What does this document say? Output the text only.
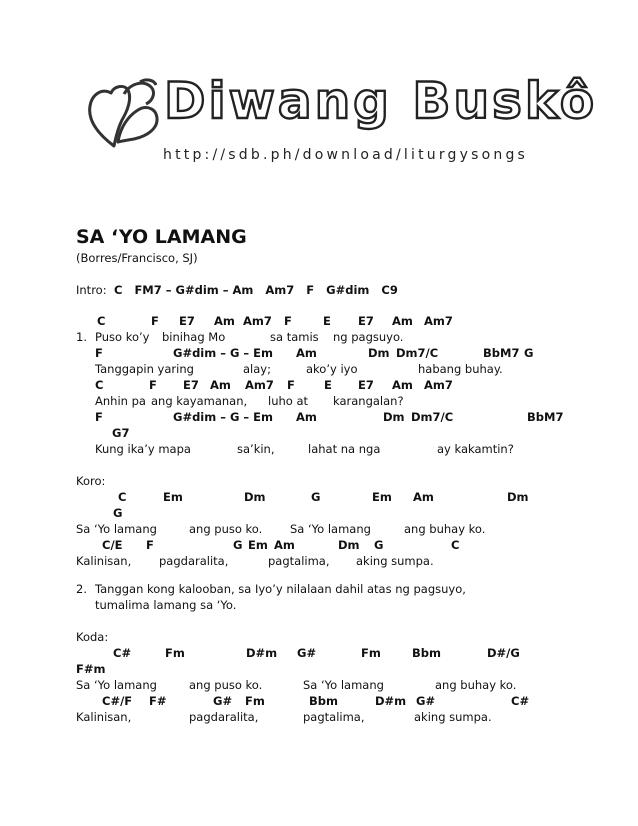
Diwang Buskô
http://sdb.ph/download/liturgysongs
SA ‘YO LAMANG
(Borres/Francisco, SJ)
Intro: C   FM7 – G#dim – Am   Am7   F   G#dim   C9
C	F E7 Am Am7 F	E E7 Am Am7
1.

Puso ko’y

binihag Mo

	sa tamis

ng pagsuyo.

F	G#dim – G – Em Am	Dm Dm7/C	BbM7 G

Tanggapin yaring

	alay;

	ako’y iyo

	habang buhay.

C	F E7 Am Am7 F	E E7 Am Am7

Anhin pa

ang kayamanan,

luho at

karangalan?

F	G#dim – G – Em Am	Dm Dm7/C	BbM7
G7

Kung ika’y mapa

	sa’kin,

	lahat na nga

	ay kakamtin?

Koro:
C	Em	Dm	G	Em Am	Dm
G

Sa ‘Yo lamang

	ang puso ko.

Sa ‘Yo lamang

	ang buhay ko.

C/E F	G Em Am	Dm G	C

Kalinisan,

pagdaralita,

	pagtalima,

aking sumpa.

2. Tanggan kong kalooban, sa Iyo’y nilalaan dahil atas ng pagsuyo,
tumalima lamang sa ‘Yo.
Koda:
C#	Fm	D#m G#	Fm	Bbm	D#/G
F#m

Sa ‘Yo lamang

	ang puso ko.

	Sa ‘Yo lamang

	ang buhay ko.

C#/F F#	G# Fm	Bbm	D#m G#	C#

Kalinisan,

	pagdaralita,

	pagtalima,

	aking sumpa.
